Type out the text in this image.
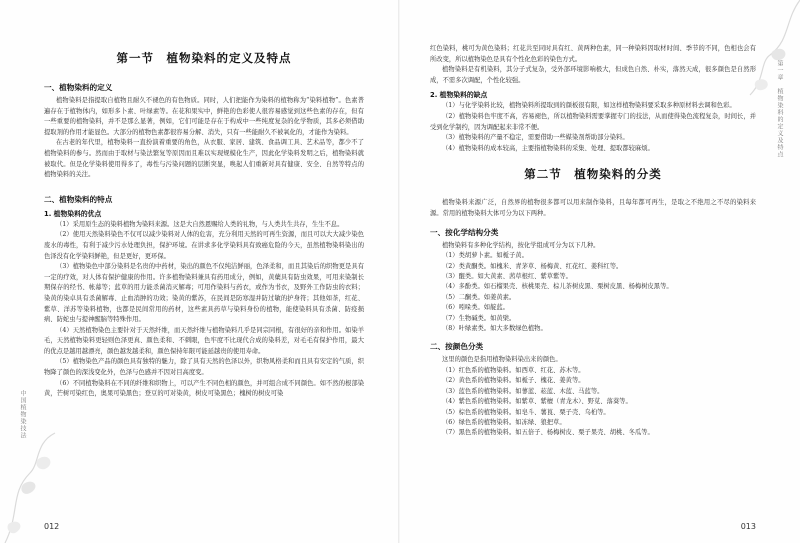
中国植物染技法
第一节　植物染料的定义及特点
一、植物染料的定义

植物染料是指提取自植物且耐久不褪色的有色物质。同时，人们把能作为染料的植物称为“染料植物”。色素普遍存在于植物体内，如形多卜素、叶绿素等。在花和果实中，鲜艳的色彩使人很容易感觉到这些色素的存在，但有一些重要的植物染料，并不是那么显著，例如，它们可能是存在于构成中一些纯度复杂的化学物质，其多必须借助提取剂的作用才能显色。大部分的植物色素都很容易分解、消失，只有一些能耐久不被氧化的，才能作为染料。

在古老的年代里，植物染料一直扮演着重要的角色，从衣服、家居、建筑、食品调工具、艺术品等，都少不了植物染料的参与。然而由于取材与染法繁复等原因而且难以实现规模化生产，因此化学染料发明之后，植物染料就被取代。但是化学染料使用得多了，毒性与污染问题的层断突显，唤起人们重新对具有健康、安全、自然等特点的植物染料的关注。

二、植物染料的特点
1. 植物染料的优点

（1）采用原生态的染料植物为染料来源。这是大自然恩赐给人类的礼物，与人类共生共存，生生不息。

（2）使用天然染料染色不仅可以减少染料对人体的危害，充分利用天然的可再生资源，而且可以大大减少染色废水的毒性，有利于减少污水处理负担，保护环境。在讲求多化学染料具有致癌危险的今天，虽然植物染料染出的色泽没有化学染料鲜艳，但是更好，更环保。

（3）植物染色中部分染料是名贵的中药材，染出的颜色不仅纯洁鲜丽，色泽柔和，而且其染后的织物更是具有一定的疗效，对人体有保护健康的作用。许多植物染料兼具有药用成分，例如，黄蘗具有防虫效果，可用来染制长期保存的经书、帐幕等；蓝草的用力能杀菌消灭解毒；可用作染料与药衣，或作为书衣，及野外工作防虫的衣料；染黄的染卓具有杀菌解毒、止血消肿的功效；染黄的紫苏，在民间是防寒湿并防过敏的护身符；其他如茶，红花、紫草、洋苏等染料植物，也都是民间常用的药材，这些素具药草与染料身份的植物，能使染料具有杀菌、防疫损病、防蛇虫与提神醒脑等特殊作用。

（4）天然植物染色主要针对于天然纤维，而天然纤维与植物染料几乎是同宗同根，有很好的亲和作用。如染羊毛，天然植物染料更轻则色泽更真、颜色柔和、不刺眼，色牢度不比现代合成的染料差，对毛毛有保护作用，最大的优点是越用越漂亮，颜色越发越柔和，颜色保持年限可能延越贵的使用寿命。

（5）植物染色产品的颜色具有独特的魅力，除了具有天然的色泽以外，织物风格柔和而且具有安定的气质，织物降了颜色的深浅变化外，色泽与色感并不因对目高度变。

（6）不同植物染料在不同的纤维和织物上，可以产生不同色相的颜色，并可组合成不同颜色。如不然的根部染黄，芒树可染红色，奥果可染黑色；登豆的可对染黄，树皮可染黑色；槐树的树皮可染

012
第一章　植物染料的定义及特点

红色染料，桃可为黄色染料；红花共至同时具有红、黄两种色素，同一种染料因取材时间、季节的不同，色相也会有所改变，所以植物染色是具有个性化色彩的染色方式。

植物染料是有机染料，其分子式复杂，受外部环境影响极大，但成色自然、朴实，落然天成，很多颜色是自然形成，不需多次调配，个性化较强。

2. 植物染料的缺点

（1）与化学染料比较，植物染料所提取到的颜板很有限，如这样植物染料要采取多种原材料去调和色彩。

（2）植物染料色牢度不高，容易褪色，所以植物染料需要掌握专门的技法，从而使得染色流程复杂，时间长，并受到化学制约，因为调配起来非常不便。

（3）植物染料的产量不稳定，需要借助一些媒染剂帮助部分染料。

（4）植物染料的成本较高，主要指植物染料的采集、处理、提取都较麻烦。

第二节　植物染料的分类

植物染料来源广泛，自然界的植物很多都可以用来制作染料，且每年都可再生，是取之不绝用之不尽的染料来源。常用的植物染料大体可分为以下两种。

一、按化学结构分类

植物染料有多种化学结构，按化学组成可分为以下几种。

（1）类胡萝卜素。如栀子黄。

（2）类黄酮类。如槐米、青茅草、杨梅黄、红花红、姜科红等。

（3）醌类。如大黄素、茜草根红、紫草紫等。

（4）多酚类。如石榴果壳、核桃果壳、棕儿茶树皮黑、栗树皮黑、杨梅树皮黑等。

（5）二酮类。如姜黄素。

（6）吲哚类。如靛蓝。

（7）生物碱类。如黄檗。

（8）叶绿素类。如大多数绿色植物。

二、按颜色分类

这里的颜色是指用植物染料染出来的颜色。

（1）红色系的植物染料。如西草、红花、苏木等。

（2）黄色系的植物染料。如栀子、槐花、姜黄等。

（3）蓝色系的植物染料。如蓼蓝、菘蓝、木蓝、马蓝等。

（4）紫色系的植物染料。如紫草、紫檀（青龙木）、野苋、落葵等。

（5）棕色系的植物染料。如皂斗、薯莨、栗子壳、乌桕等。

（6）绿色系的植物染料。如冻绿、狼把草。

（7）黑色系的植物染料。如五倍子、杨梅树皮、栗子果壳、胡桃、冬瓜等。

013
